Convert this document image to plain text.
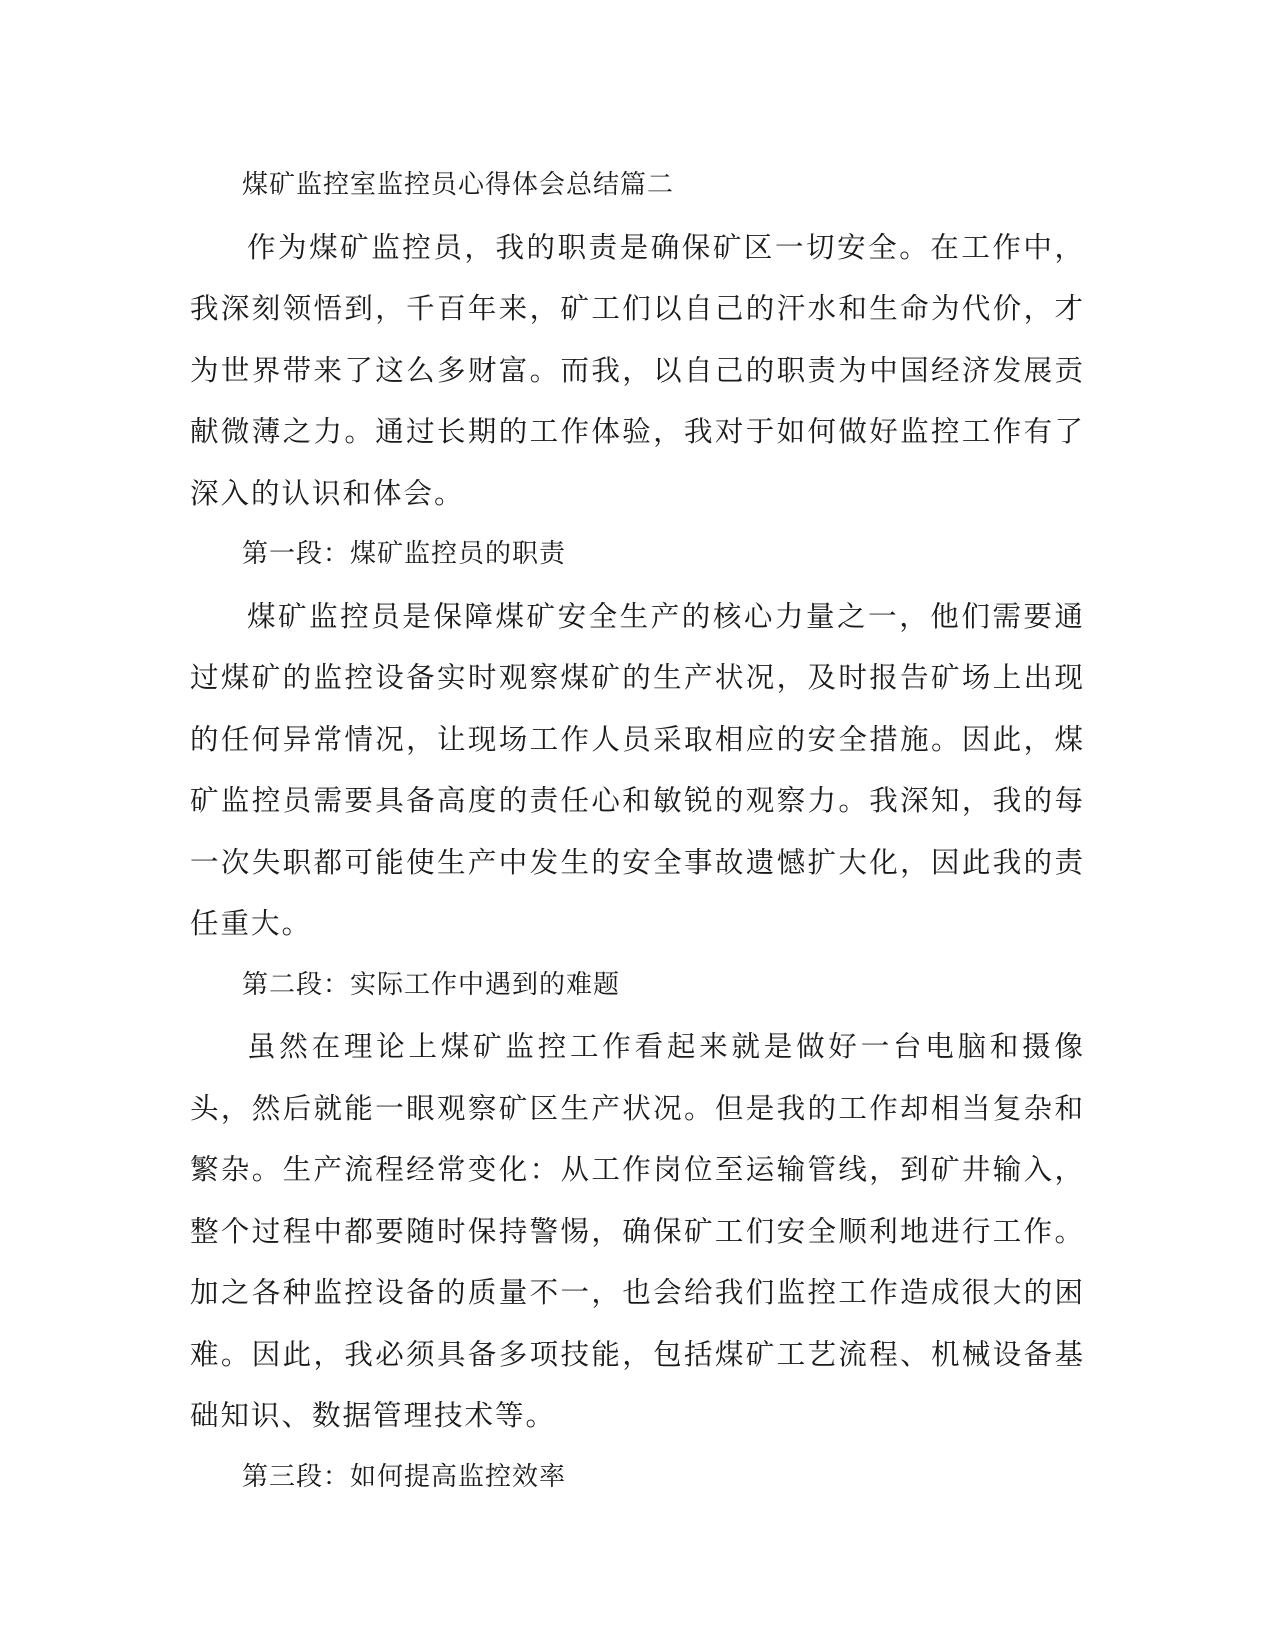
煤矿监控室监控员心得体会总结篇二

作为煤矿监控员，我的职责是确保矿区一切安全。在工作中，我深刻领悟到，千百年来，矿工们以自己的汗水和生命为代价，才为世界带来了这么多财富。而我，以自己的职责为中国经济发展贡献微薄之力。通过长期的工作体验，我对于如何做好监控工作有了深入的认识和体会。

第一段：煤矿监控员的职责

煤矿监控员是保障煤矿安全生产的核心力量之一，他们需要通过煤矿的监控设备实时观察煤矿的生产状况，及时报告矿场上出现的任何异常情况，让现场工作人员采取相应的安全措施。因此，煤矿监控员需要具备高度的责任心和敏锐的观察力。我深知，我的每一次失职都可能使生产中发生的安全事故遗憾扩大化，因此我的责任重大。

第二段：实际工作中遇到的难题

虽然在理论上煤矿监控工作看起来就是做好一台电脑和摄像头，然后就能一眼观察矿区生产状况。但是我的工作却相当复杂和繁杂。生产流程经常变化：从工作岗位至运输管线，到矿井输入，整个过程中都要随时保持警惕，确保矿工们安全顺利地进行工作。加之各种监控设备的质量不一，也会给我们监控工作造成很大的困难。因此，我必须具备多项技能，包括煤矿工艺流程、机械设备基础知识、数据管理技术等。

第三段：如何提高监控效率
